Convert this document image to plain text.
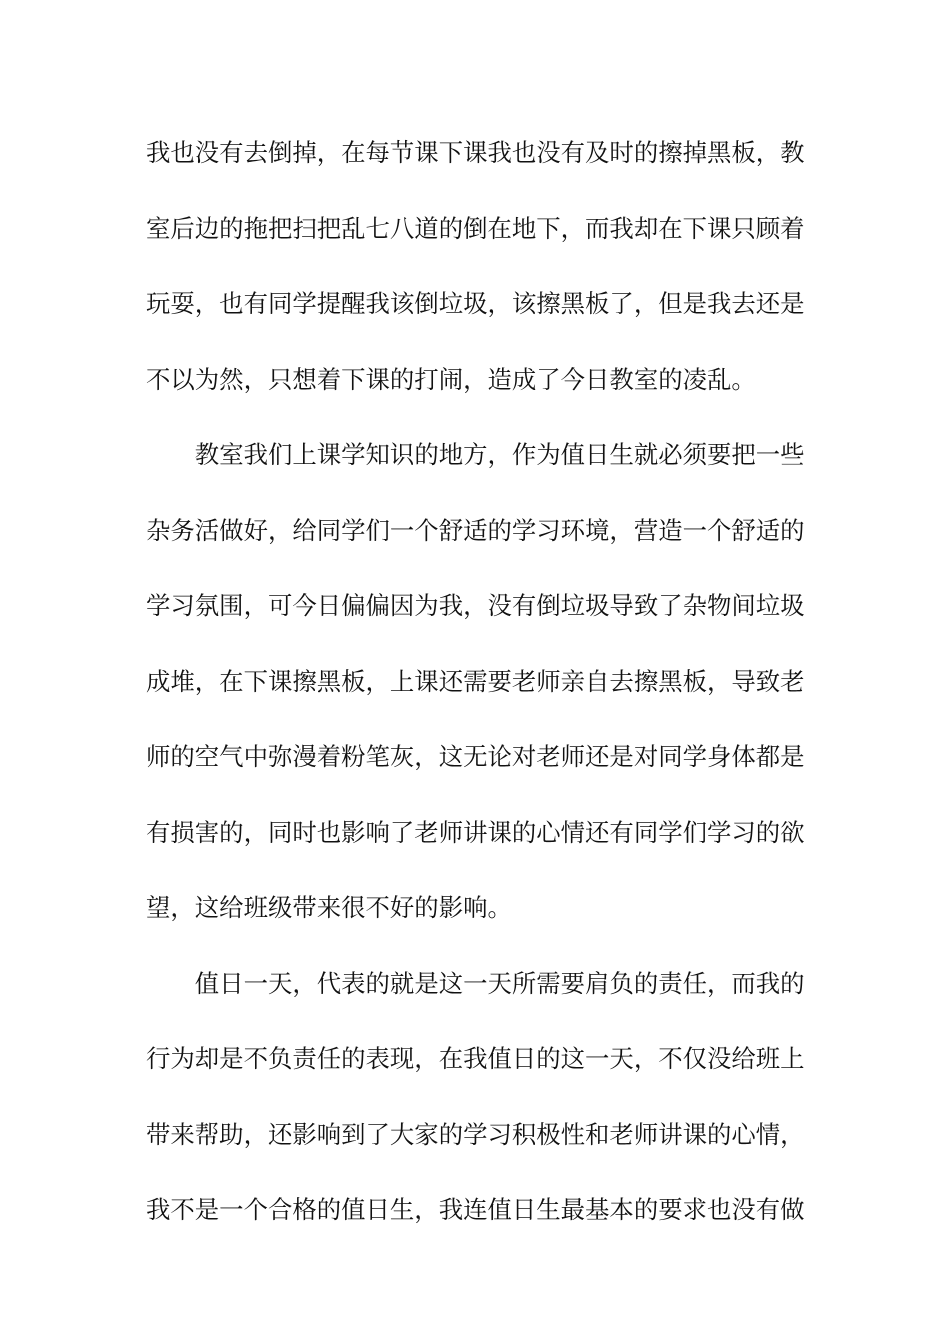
我也没有去倒掉，在每节课下课我也没有及时的擦掉黑板，教
室后边的拖把扫把乱七八道的倒在地下，而我却在下课只顾着
玩耍，也有同学提醒我该倒垃圾，该擦黑板了，但是我去还是
不以为然，只想着下课的打闹，造成了今日教室的凌乱。
教室我们上课学知识的地方，作为值日生就必须要把一些
杂务活做好，给同学们一个舒适的学习环境，营造一个舒适的
学习氛围，可今日偏偏因为我，没有倒垃圾导致了杂物间垃圾
成堆，在下课擦黑板，上课还需要老师亲自去擦黑板，导致老
师的空气中弥漫着粉笔灰，这无论对老师还是对同学身体都是
有损害的，同时也影响了老师讲课的心情还有同学们学习的欲
望，这给班级带来很不好的影响。
值日一天，代表的就是这一天所需要肩负的责任，而我的
行为却是不负责任的表现，在我值日的这一天，不仅没给班上
带来帮助，还影响到了大家的学习积极性和老师讲课的心情，
我不是一个合格的值日生，我连值日生最基本的要求也没有做
